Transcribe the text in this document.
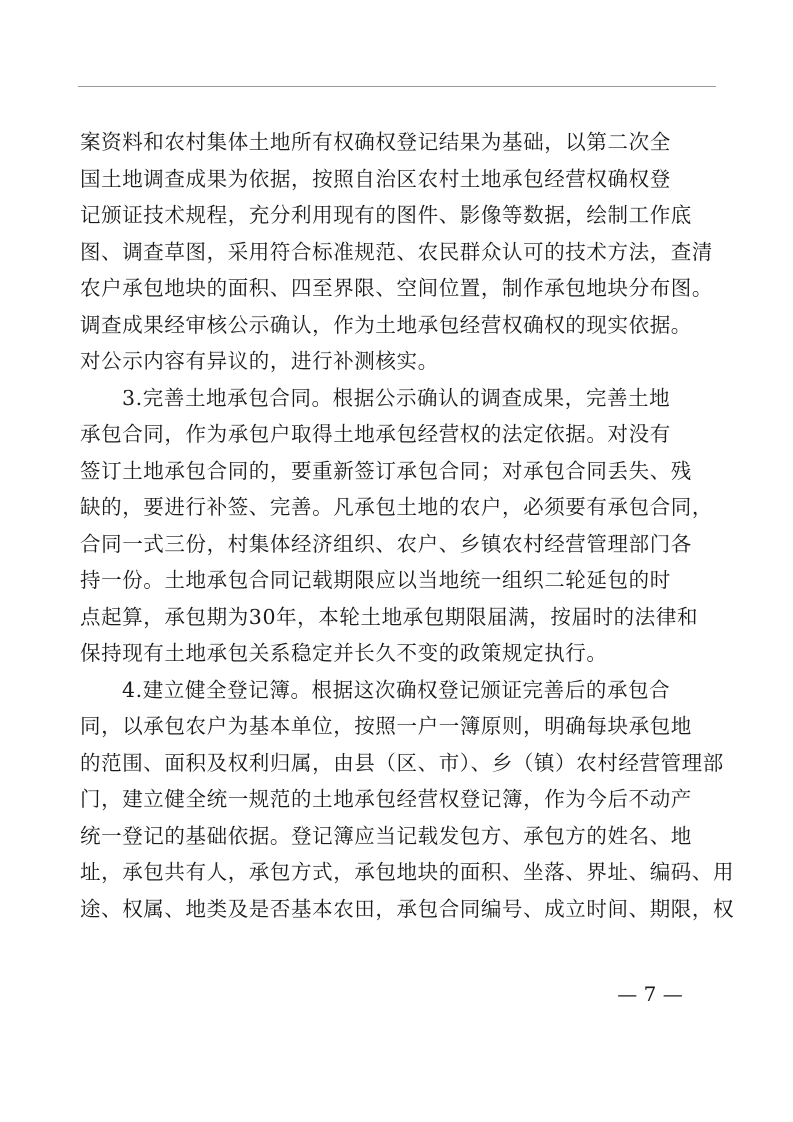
案资料和农村集体土地所有权确权登记结果为基础，以第二次全
国土地调查成果为依据，按照自治区农村土地承包经营权确权登
记颁证技术规程，充分利用现有的图件、影像等数据，绘制工作底
图、调查草图，采用符合标准规范、农民群众认可的技术方法，查清
农户承包地块的面积、四至界限、空间位置，制作承包地块分布图。
调查成果经审核公示确认，作为土地承包经营权确权的现实依据。
对公示内容有异议的，进行补测核实。
3.完善土地承包合同。根据公示确认的调查成果，完善土地
承包合同，作为承包户取得土地承包经营权的法定依据。对没有
签订土地承包合同的，要重新签订承包合同；对承包合同丢失、残
缺的，要进行补签、完善。凡承包土地的农户，必须要有承包合同，
合同一式三份，村集体经济组织、农户、乡镇农村经营管理部门各
持一份。土地承包合同记载期限应以当地统一组织二轮延包的时
点起算，承包期为30年，本轮土地承包期限届满，按届时的法律和
保持现有土地承包关系稳定并长久不变的政策规定执行。
4.建立健全登记簿。根据这次确权登记颁证完善后的承包合
同，以承包农户为基本单位，按照一户一簿原则，明确每块承包地
的范围、面积及权利归属，由县（区、市）、乡（镇）农村经营管理部
门，建立健全统一规范的土地承包经营权登记簿，作为今后不动产
统一登记的基础依据。登记簿应当记载发包方、承包方的姓名、地
址，承包共有人，承包方式，承包地块的面积、坐落、界址、编码、用
途、权属、地类及是否基本农田，承包合同编号、成立时间、期限，权
— 7 —
